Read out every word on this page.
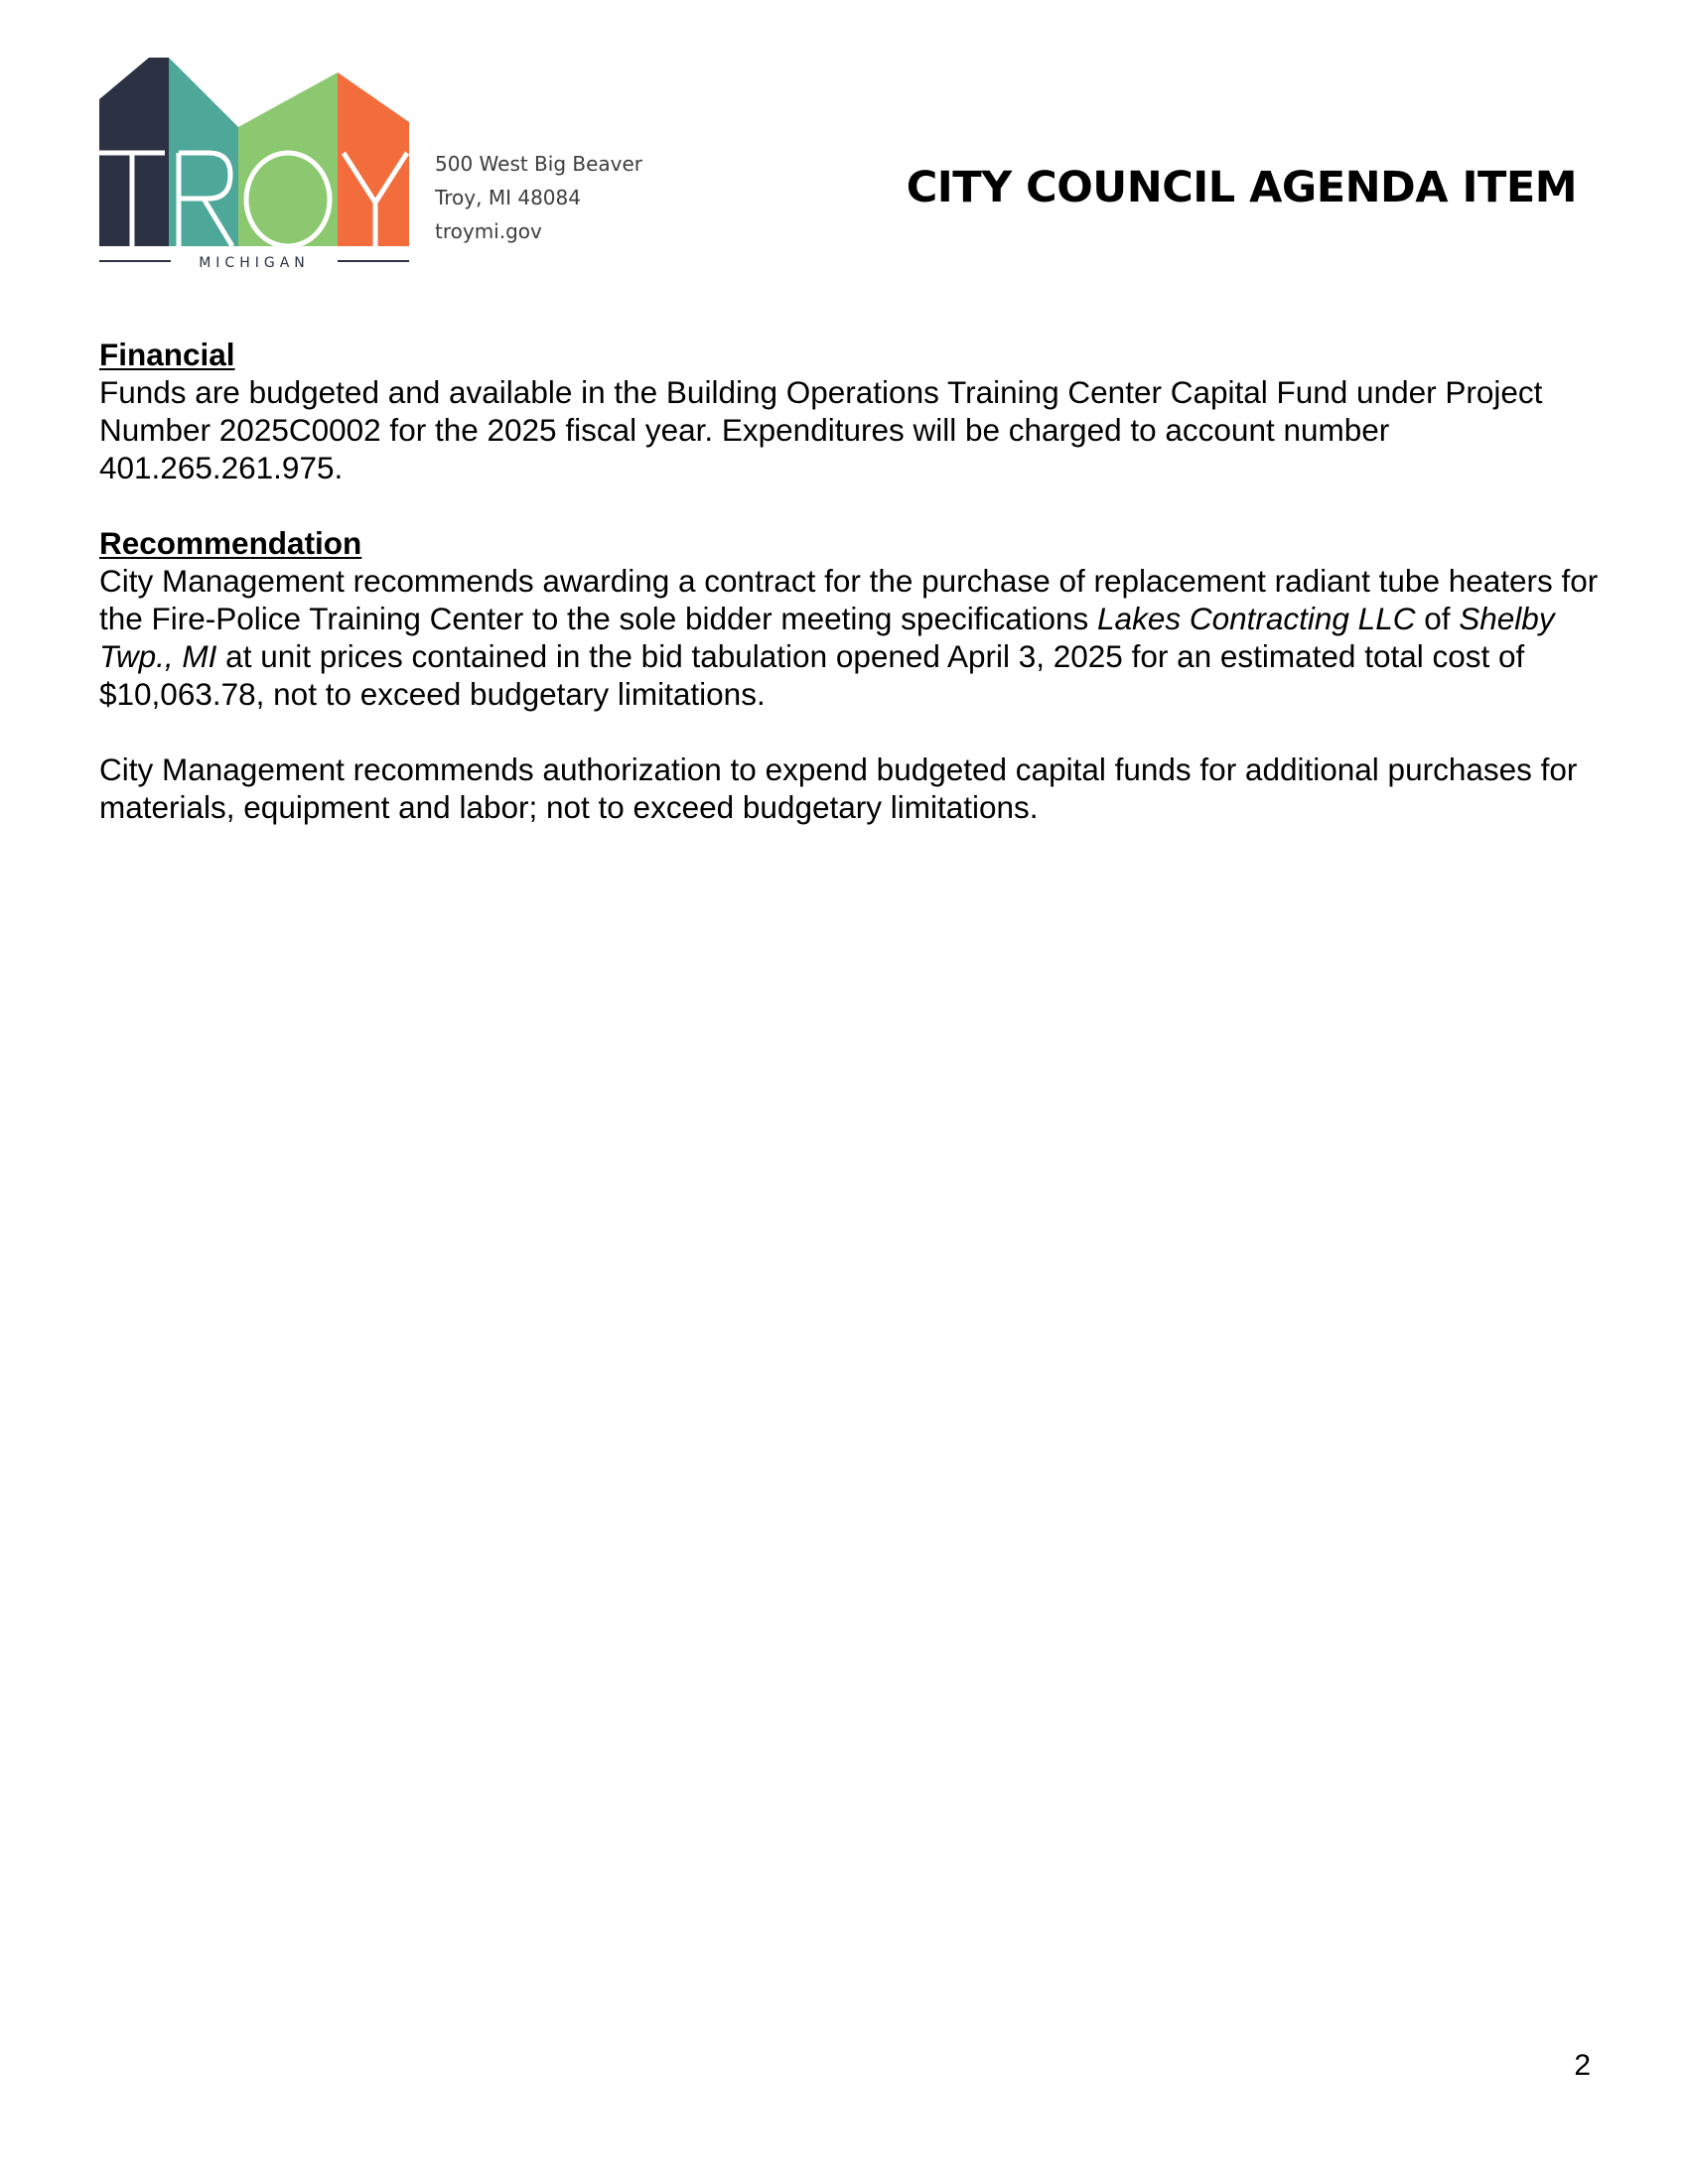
MICHIGAN
500 West Big Beaver
Troy, MI 48084
troymi.gov
CITY COUNCIL AGENDA ITEM
Financial

Funds are budgeted and available in the Building Operations Training Center Capital Fund under Project Number 2025C0002 for the 2025 fiscal year. Expenditures will be charged to account number 401.265.261.975.

Recommendation

City Management recommends awarding a contract for the purchase of replacement radiant tube heaters for the Fire-Police Training Center to the sole bidder meeting specifications Lakes Contracting LLC of Shelby Twp., MI at unit prices contained in the bid tabulation opened April 3, 2025 for an estimated total cost of $10,063.78, not to exceed budgetary limitations.

City Management recommends authorization to expend budgeted capital funds for additional purchases for materials, equipment and labor; not to exceed budgetary limitations.

2
